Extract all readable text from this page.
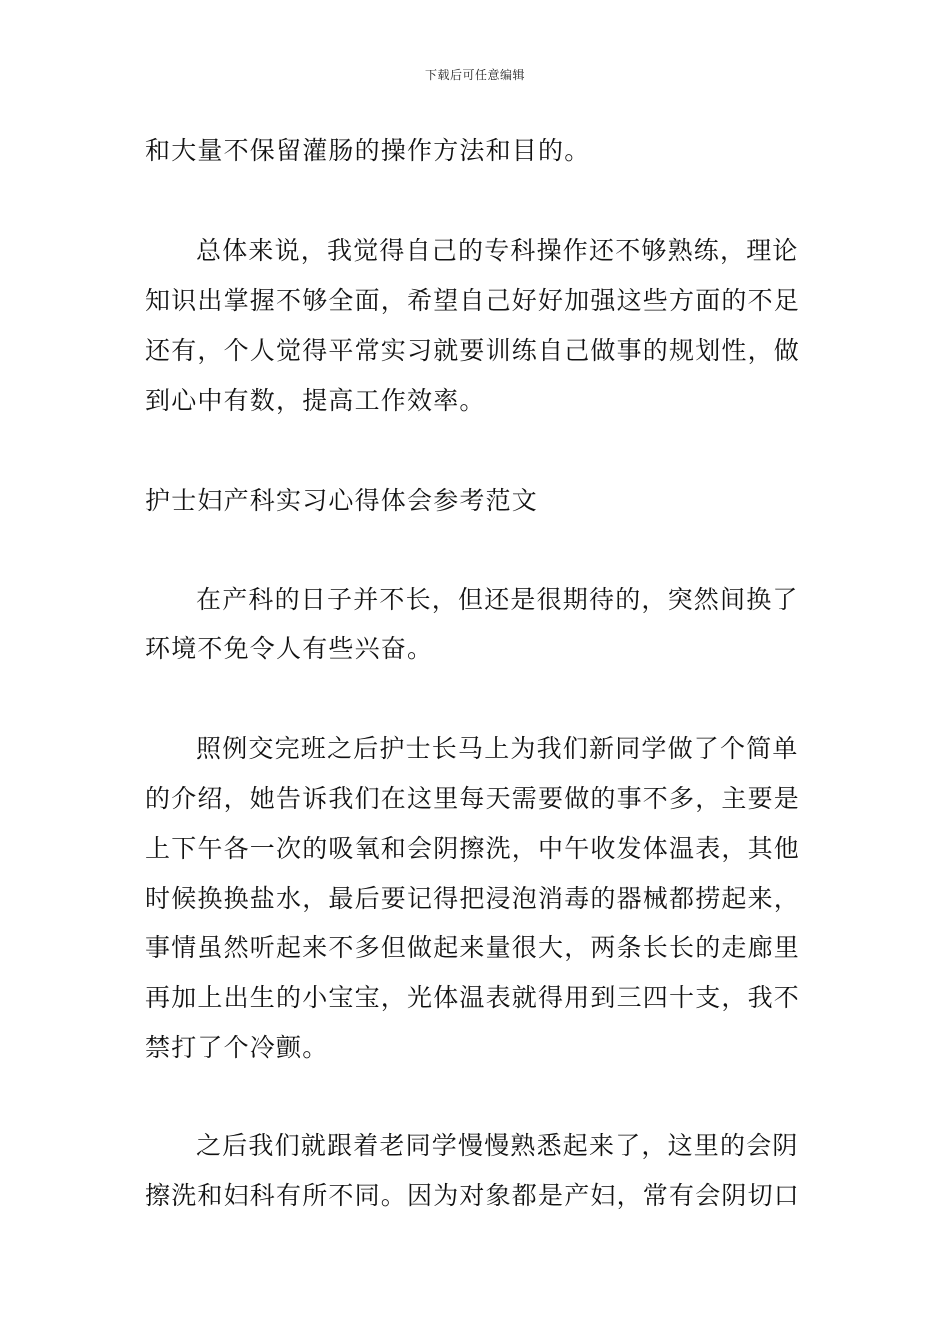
下载后可任意编辑
和大量不保留灌肠的操作方法和目的。
总体来说，我觉得自己的专科操作还不够熟练，理论
知识出掌握不够全面，希望自己好好加强这些方面的不足
还有，个人觉得平常实习就要训练自己做事的规划性，做
到心中有数，提高工作效率。
护士妇产科实习心得体会参考范文
在产科的日子并不长，但还是很期待的，突然间换了
环境不免令人有些兴奋。
照例交完班之后护士长马上为我们新同学做了个简单
的介绍，她告诉我们在这里每天需要做的事不多，主要是
上下午各一次的吸氧和会阴擦洗，中午收发体温表，其他
时候换换盐水，最后要记得把浸泡消毒的器械都捞起来，
事情虽然听起来不多但做起来量很大，两条长长的走廊里
再加上出生的小宝宝，光体温表就得用到三四十支，我不
禁打了个冷颤。
之后我们就跟着老同学慢慢熟悉起来了，这里的会阴
擦洗和妇科有所不同。因为对象都是产妇，常有会阴切口
